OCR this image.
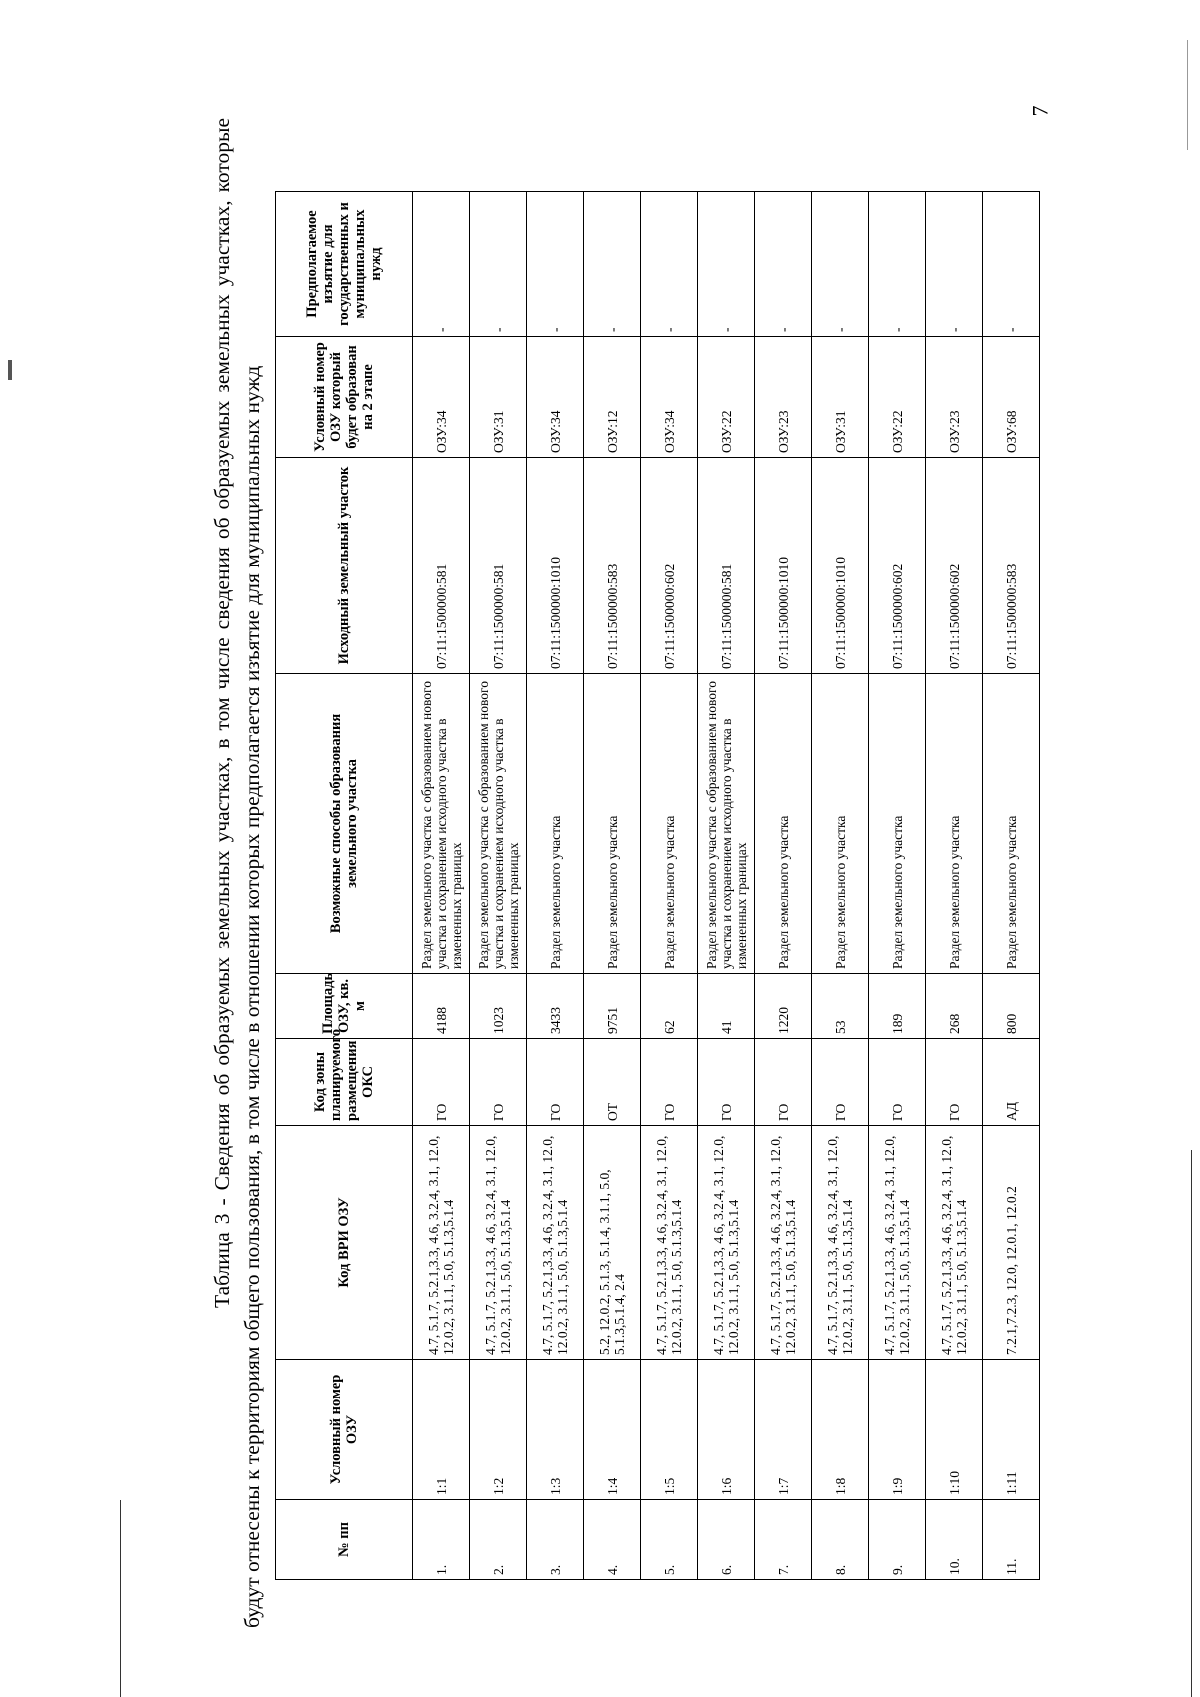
7

Таблица 3 - Сведения об образуемых земельных участках, в том числе сведения об образуемых земельных участках, которые будут отнесены к территориям общего пользования, в том числе в отношении которых предполагается изъятие для муниципальных нужд	№ пп	Условный номер ОЗУ	Код ВРИ ОЗУ	Код зоны планируемого размещения ОКС	Площадь ОЗУ, кв. м	Возможные способы образования земельного участка	Исходный земельный участок	Условный номер ОЗУ который будет образован на 2 этапе	Предполагаемое изъятие для государственных и муниципальных нужд
1.	1:1	4.7, 5.1.7, 5.2.1,3.3, 4.6, 3.2.4, 3.1, 12.0, 12.0.2, 3.1.1, 5.0, 5.1.3,5.1.4	ГО	4188	Раздел земельного участка с образованием нового участка и сохранением исходного участка в измененных границах	07:11:1500000:581	ОЗУ:34	-
2.	1:2	4.7, 5.1.7, 5.2.1,3.3, 4.6, 3.2.4, 3.1, 12.0, 12.0.2, 3.1.1, 5.0, 5.1.3,5.1.4	ГО	1023	Раздел земельного участка с образованием нового участка и сохранением исходного участка в измененных границах	07:11:1500000:581	ОЗУ:31	-
3.	1:3	4.7, 5.1.7, 5.2.1,3.3, 4.6, 3.2.4, 3.1, 12.0, 12.0.2, 3.1.1, 5.0, 5.1.3,5.1.4	ГО	3433	Раздел земельного участка	07:11:1500000:1010	ОЗУ:34	-
4.	1:4	5.2, 12.0.2, 5.1.3, 5.1.4, 3.1.1, 5.0, 5.1.3,5.1.4, 2.4	ОТ	9751	Раздел земельного участка	07:11:1500000:583	ОЗУ:12	-
5.	1:5	4.7, 5.1.7, 5.2.1,3.3, 4.6, 3.2.4, 3.1, 12.0, 12.0.2, 3.1.1, 5.0, 5.1.3,5.1.4	ГО	62	Раздел земельного участка	07:11:1500000:602	ОЗУ:34	-
6.	1:6	4.7, 5.1.7, 5.2.1,3.3, 4.6, 3.2.4, 3.1, 12.0, 12.0.2, 3.1.1, 5.0, 5.1.3,5.1.4	ГО	41	Раздел земельного участка с образованием нового участка и сохранением исходного участка в измененных границах	07:11:1500000:581	ОЗУ:22	-
7.	1:7	4.7, 5.1.7, 5.2.1,3.3, 4.6, 3.2.4, 3.1, 12.0, 12.0.2, 3.1.1, 5.0, 5.1.3,5.1.4	ГО	1220	Раздел земельного участка	07:11:1500000:1010	ОЗУ:23	-
8.	1:8	4.7, 5.1.7, 5.2.1,3.3, 4.6, 3.2.4, 3.1, 12.0, 12.0.2, 3.1.1, 5.0, 5.1.3,5.1.4	ГО	53	Раздел земельного участка	07:11:1500000:1010	ОЗУ:31	-
9.	1:9	4.7, 5.1.7, 5.2.1,3.3, 4.6, 3.2.4, 3.1, 12.0, 12.0.2, 3.1.1, 5.0, 5.1.3,5.1.4	ГО	189	Раздел земельного участка	07:11:1500000:602	ОЗУ:22	-
10.	1:10	4.7, 5.1.7, 5.2.1,3.3, 4.6, 3.2.4, 3.1, 12.0, 12.0.2, 3.1.1, 5.0, 5.1.3,5.1.4	ГО	268	Раздел земельного участка	07:11:1500000:602	ОЗУ:23	-
11.	1:11	7.2.1,7.2.3, 12.0, 12.0.1, 12.0.2	АД	800	Раздел земельного участка	07:11:1500000:583	ОЗУ:68	-
